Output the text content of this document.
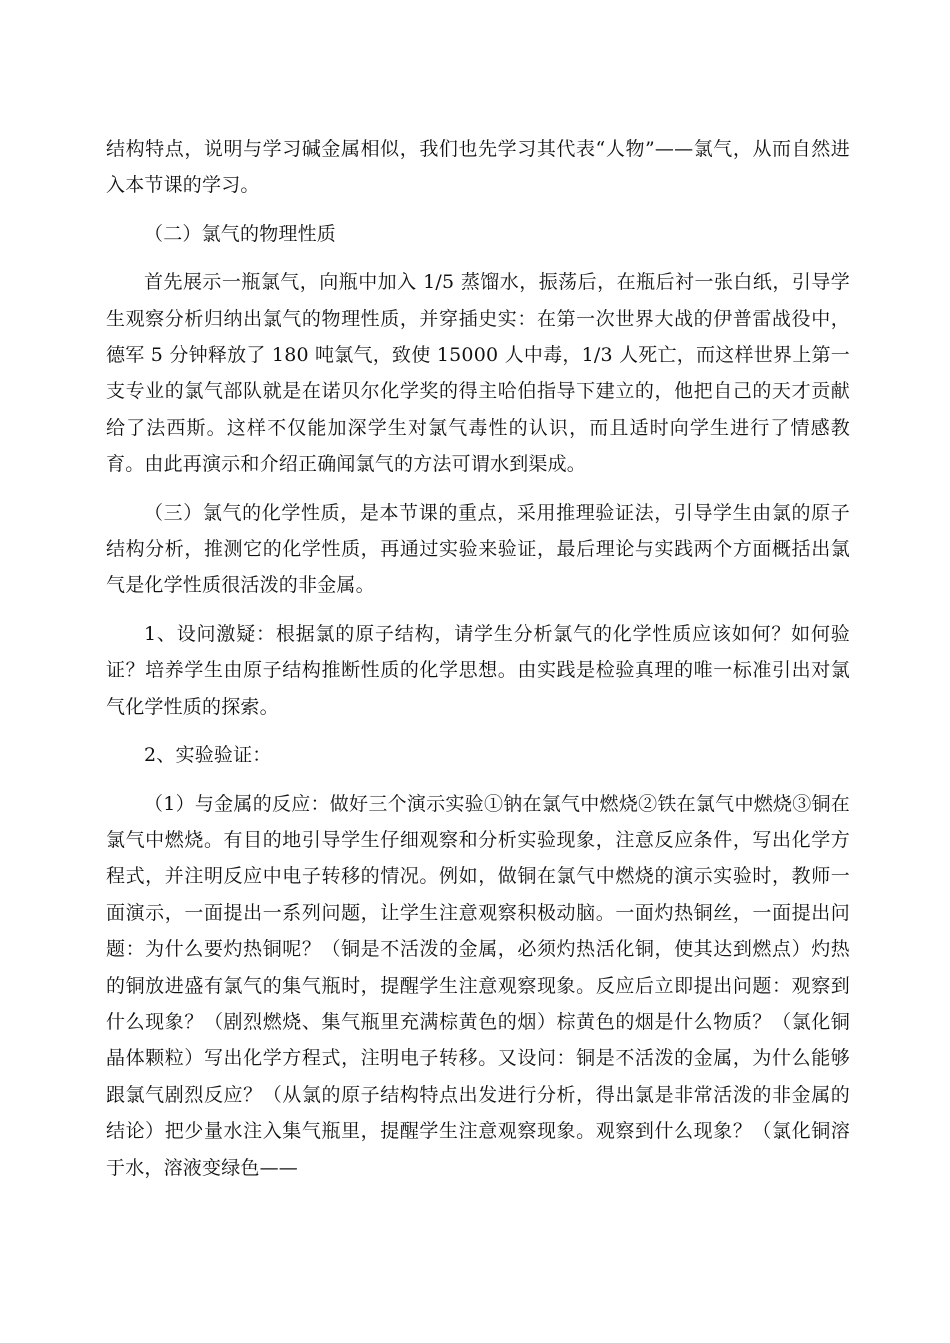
结构特点，说明与学习碱金属相似，我们也先学习其代表“人物”——氯气，从而自然进入本节课的学习。

（二）氯气的物理性质

首先展示一瓶氯气，向瓶中加入 1/5 蒸馏水，振荡后，在瓶后衬一张白纸，引导学生观察分析归纳出氯气的物理性质，并穿插史实：在第一次世界大战的伊普雷战役中，德军 5 分钟释放了 180 吨氯气，致使 15000 人中毒，1/3 人死亡，而这样世界上第一支专业的氯气部队就是在诺贝尔化学奖的得主哈伯指导下建立的，他把自己的天才贡献给了法西斯。这样不仅能加深学生对氯气毒性的认识，而且适时向学生进行了情感教育。由此再演示和介绍正确闻氯气的方法可谓水到渠成。

（三）氯气的化学性质，是本节课的重点，采用推理验证法，引导学生由氯的原子结构分析，推测它的化学性质，再通过实验来验证，最后理论与实践两个方面概括出氯气是化学性质很活泼的非金属。

1、设问激疑：根据氯的原子结构，请学生分析氯气的化学性质应该如何？如何验证？培养学生由原子结构推断性质的化学思想。由实践是检验真理的唯一标准引出对氯气化学性质的探索。

2、实验验证：

（1）与金属的反应：做好三个演示实验①钠在氯气中燃烧②铁在氯气中燃烧③铜在氯气中燃烧。有目的地引导学生仔细观察和分析实验现象，注意反应条件，写出化学方程式，并注明反应中电子转移的情况。例如，做铜在氯气中燃烧的演示实验时，教师一面演示，一面提出一系列问题，让学生注意观察积极动脑。一面灼热铜丝，一面提出问题：为什么要灼热铜呢？（铜是不活泼的金属，必须灼热活化铜，使其达到燃点）灼热的铜放进盛有氯气的集气瓶时，提醒学生注意观察现象。反应后立即提出问题：观察到什么现象？（剧烈燃烧、集气瓶里充满棕黄色的烟）棕黄色的烟是什么物质？（氯化铜晶体颗粒）写出化学方程式，注明电子转移。又设问：铜是不活泼的金属，为什么能够跟氯气剧烈反应？（从氯的原子结构特点出发进行分析，得出氯是非常活泼的非金属的结论）把少量水注入集气瓶里，提醒学生注意观察现象。观察到什么现象？（氯化铜溶于水，溶液变绿色——
